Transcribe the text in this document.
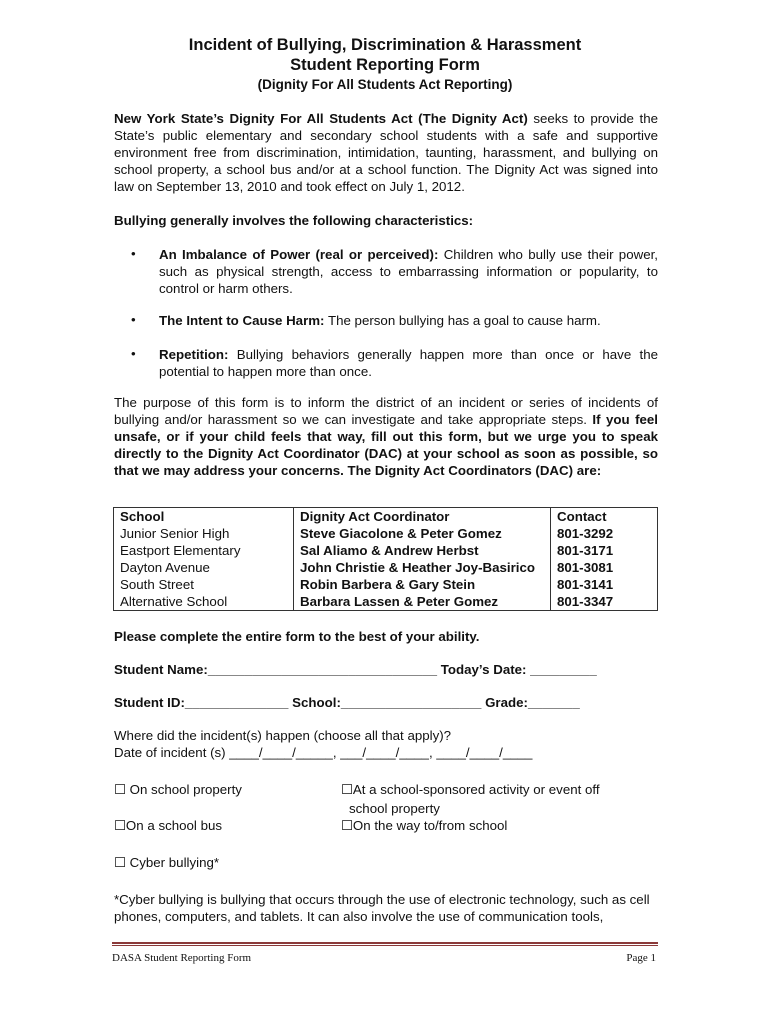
Incident of Bullying, Discrimination & Harassment
Student Reporting Form
(Dignity For All Students Act Reporting)
New York State’s Dignity For All Students Act (The Dignity Act) seeks to provide the State’s public elementary and secondary school students with a safe and supportive environment free from discrimination, intimidation, taunting, harassment, and bullying on school property, a school bus and/or at a school function. The Dignity Act was signed into law on September 13, 2010 and took effect on July 1, 2012.
Bullying generally involves the following characteristics:
• An Imbalance of Power (real or perceived): Children who bully use their power, such as physical strength, access to embarrassing information or popularity, to control or harm others.
• The Intent to Cause Harm: The person bullying has a goal to cause harm.
• Repetition: Bullying behaviors generally happen more than once or have the potential to happen more than once.
The purpose of this form is to inform the district of an incident or series of incidents of bullying and/or harassment so we can investigate and take appropriate steps. If you feel unsafe, or if your child feels that way, fill out this form, but we urge you to speak directly to the Dignity Act Coordinator (DAC) at your school as soon as possible, so that we may address your concerns. The Dignity Act Coordinators (DAC) are:
School	Dignity Act Coordinator	Contact
Junior Senior High	Steve Giacolone & Peter Gomez	801-3292
Eastport Elementary	Sal Aliamo & Andrew Herbst	801-3171
Dayton Avenue	John Christie & Heather Joy-Basirico	801-3081
South Street	Robin Barbera & Gary Stein	801-3141
Alternative School	Barbara Lassen & Peter Gomez	801-3347
Please complete the entire form to the best of your ability.
Student Name:_______________________________ Today’s Date: _________
Student ID:______________ School:___________________ Grade:_______
Where did the incident(s) happen (choose all that apply)?
Date of incident (s) ____/____/_____, ___/____/____, ____/____/____
☐ On school property	☐At a school-sponsored activity or event off
school property
☐On a school bus	☐On the way to/from school
☐ Cyber bullying*
*Cyber bullying is bullying that occurs through the use of electronic technology, such as cell phones, computers, and tablets. It can also involve the use of communication tools,
DASA Student Reporting Form	Page 1
